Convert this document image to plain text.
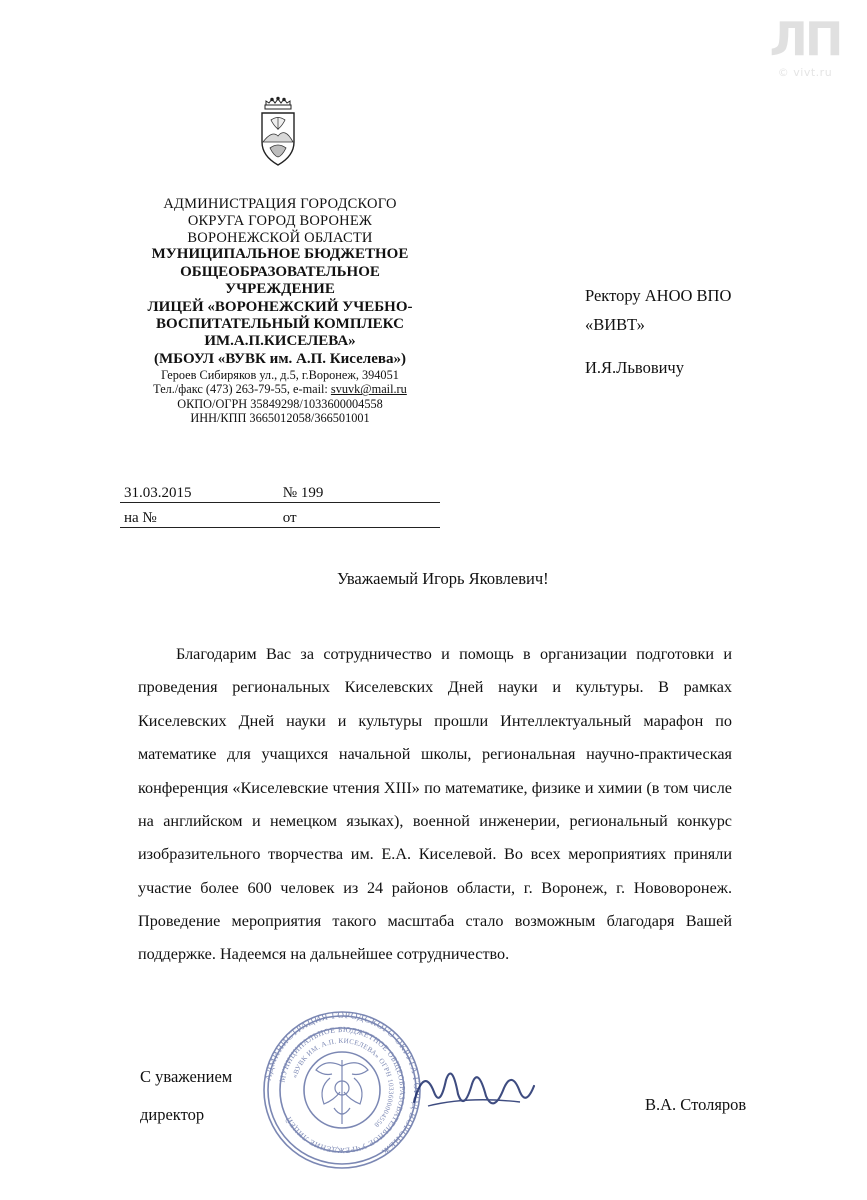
ЛП
© vivt.ru
АДМИНИСТРАЦИЯ ГОРОДСКОГО
ОКРУГА ГОРОД ВОРОНЕЖ
ВОРОНЕЖСКОЙ ОБЛАСТИ
МУНИЦИПАЛЬНОЕ БЮДЖЕТНОЕ
ОБЩЕОБРАЗОВАТЕЛЬНОЕ
УЧРЕЖДЕНИЕ
ЛИЦЕЙ «ВОРОНЕЖСКИЙ УЧЕБНО-
ВОСПИТАТЕЛЬНЫЙ КОМПЛЕКС
ИМ.А.П.КИСЕЛЕВА»
(МБОУЛ «ВУВК им. А.П. Киселева»)
Героев Сибиряков ул., д.5, г.Воронеж, 394051
Тел./факс (473) 263-79-55, e-mail: svuvk@mail.ru
ОКПО/ОГРН 35849298/1033600004558
ИНН/КПП 3665012058/366501001
31.03.2015	№ 199
на №	от
Ректору АНОО ВПО
«ВИВТ»
И.Я.Львовичу
Уважаемый Игорь Яковлевич!
Благодарим Вас за сотрудничество и помощь в организации подготовки и проведения региональных Киселевских Дней науки и культуры. В рамках Киселевских Дней науки и культуры прошли Интеллектуальный марафон по математике для учащихся начальной школы, региональная научно-практическая конференция «Киселевские чтения XIII» по математике, физике и химии (в том числе на английском и немецком языках), военной инженерии, региональный конкурс изобразительного творчества им. Е.А. Киселевой. Во всех мероприятиях приняли участие более 600 человек из 24 районов области, г. Воронеж, г. Нововоронеж. Проведение мероприятия такого масштаба стало возможным благодаря Вашей поддержке. Надеемся на дальнейшее сотрудничество.
АДМИНИСТРАЦИЯ ГОРОДСКОГО ОКРУГА ГОРОД ВОРОНЕЖ
МУНИЦИПАЛЬНОЕ БЮДЖЕТНОЕ ОБЩЕОБРАЗОВАТЕЛЬНОЕ УЧРЕЖДЕНИЕ ЛИЦЕЙ
«ВУВК ИМ. А.П. КИСЕЛЕВА» ОГРН 1033600004558
С уважением
директор
В.А. Столяров
